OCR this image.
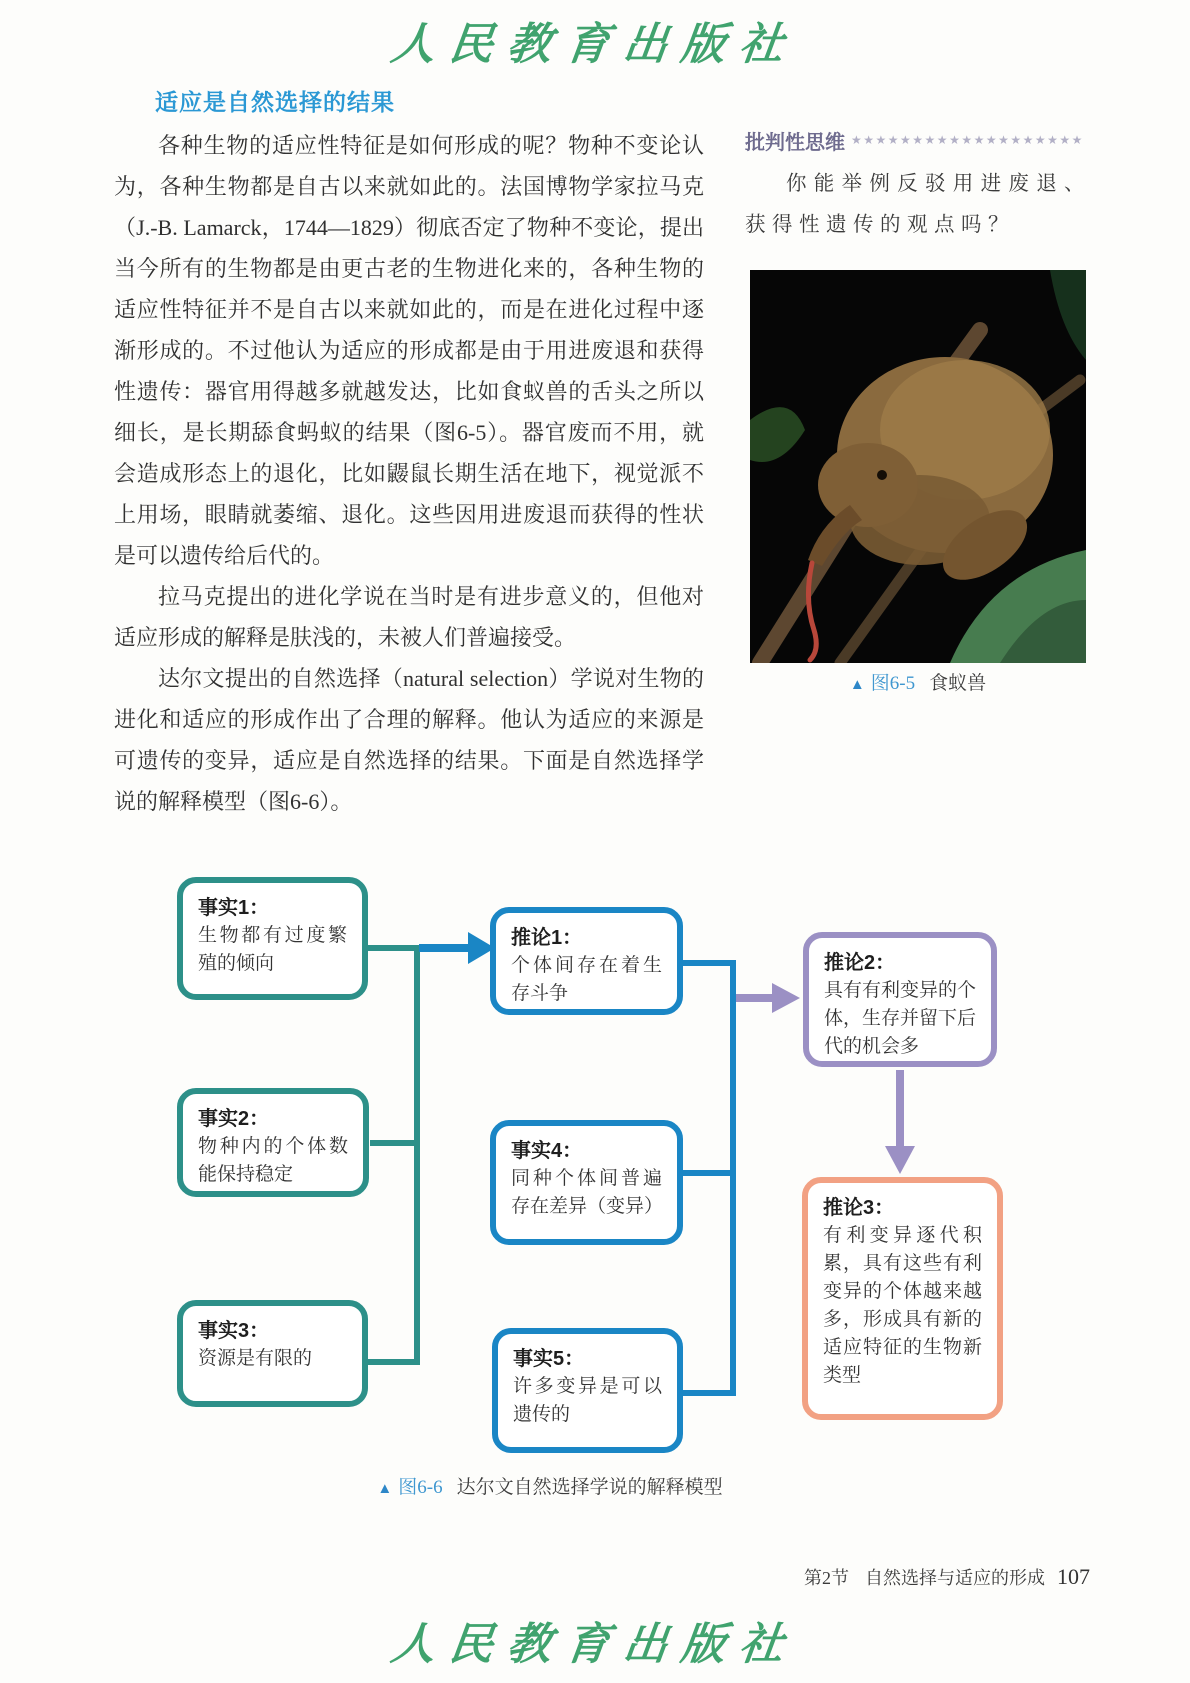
人民教育出版社
适应是自然选择的结果

各种生物的适应性特征是如何形成的呢？物种不变论认为，各种生物都是自古以来就如此的。法国博物学家拉马克（J.-B. Lamarck，1744—1829）彻底否定了物种不变论，提出当今所有的生物都是由更古老的生物进化来的，各种生物的适应性特征并不是自古以来就如此的，而是在进化过程中逐渐形成的。不过他认为适应的形成都是由于用进废退和获得性遗传：器官用得越多就越发达，比如食蚁兽的舌头之所以细长，是长期舔食蚂蚁的结果（图6-5）。器官废而不用，就会造成形态上的退化，比如鼹鼠长期生活在地下，视觉派不上用场，眼睛就萎缩、退化。这些因用进废退而获得的性状是可以遗传给后代的。

拉马克提出的进化学说在当时是有进步意义的，但他对适应形成的解释是肤浅的，未被人们普遍接受。

达尔文提出的自然选择（natural selection）学说对生物的进化和适应的形成作出了合理的解释。他认为适应的来源是可遗传的变异，适应是自然选择的结果。下面是自然选择学说的解释模型（图6-6）。

批判性思维 ★★★★★★★★★★★★★★★★★★★
你能举例反驳用进废退、获得性遗传的观点吗？
▲ 图6-5 食蚁兽
事实1：
生物都有过度繁殖的倾向
事实2：
物种内的个体数能保持稳定
事实3：
资源是有限的
推论1：
个体间存在着生存斗争
事实4：
同种个体间普遍存在差异（变异）
事实5：
许多变异是可以遗传的
推论2：
具有有利变异的个体，生存并留下后代的机会多
推论3：
有利变异逐代积累，具有这些有利变异的个体越来越多，形成具有新的适应特征的生物新类型
▲ 图6-6 达尔文自然选择学说的解释模型
第2节 自然选择与适应的形成 107
人民教育出版社
